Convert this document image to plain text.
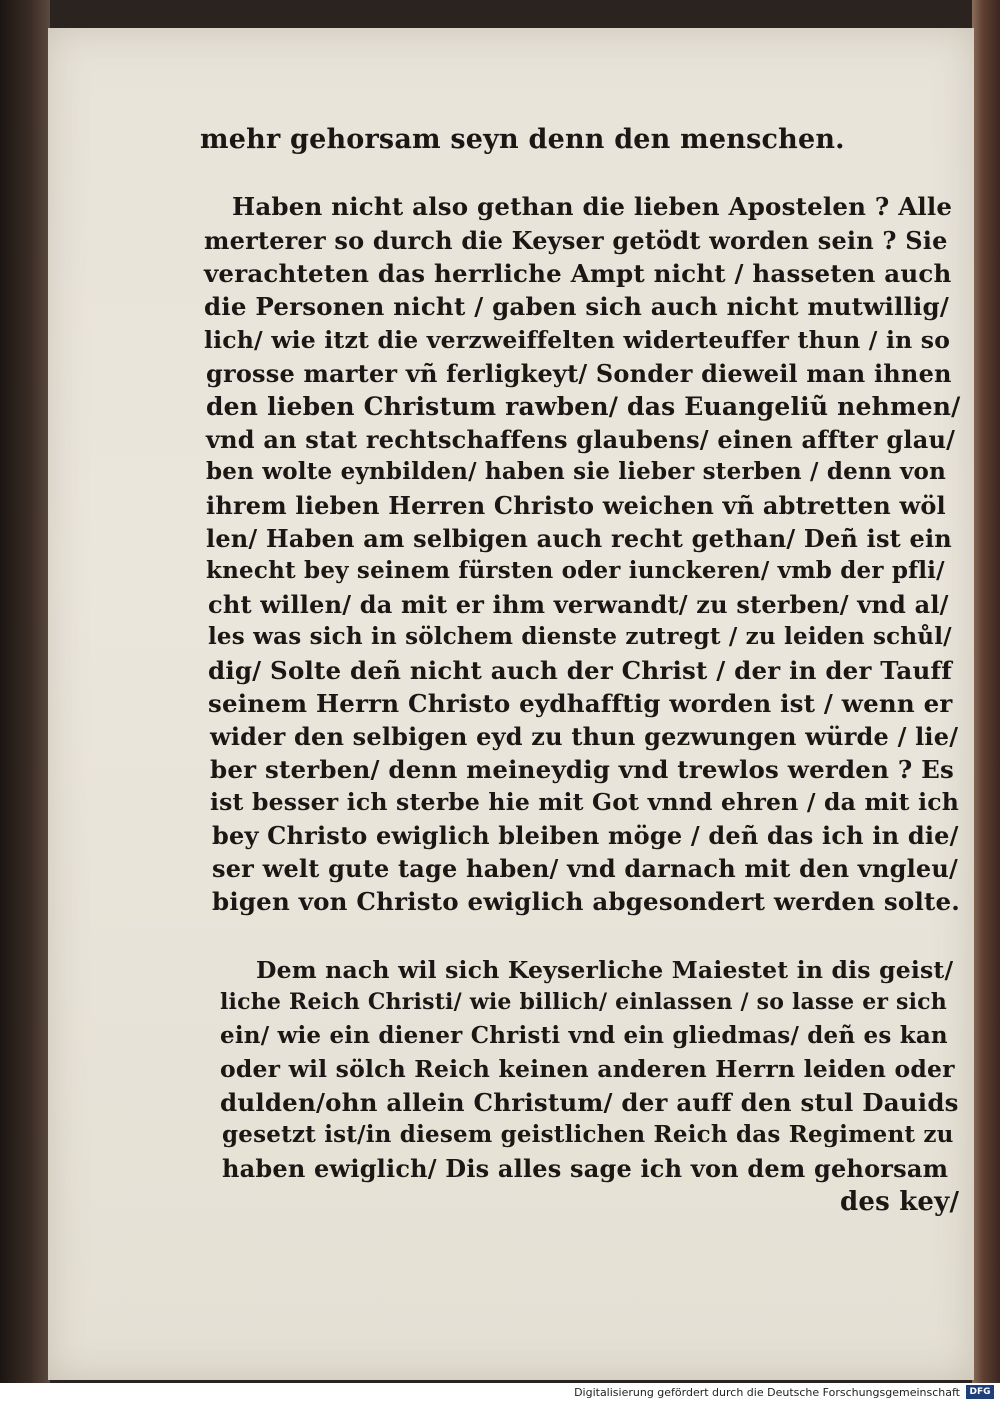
mehr gehorsam seyn denn den menschen.
Haben nicht also gethan die lieben Apostelen ? Alle
merterer so durch die Keyser getödt worden sein ? Sie
verachteten das herrliche Ampt nicht / hasseten auch
die Personen nicht / gaben sich auch nicht mutwillig/
lich/ wie itzt die verzweiffelten widerteuffer thun / in so
grosse marter vñ ferligkeyt/ Sonder dieweil man ihnen
den lieben Christum rawben/ das Euangeliũ nehmen/
vnd an stat rechtschaffens glaubens/ einen affter glau/
ben wolte eynbilden/ haben sie lieber sterben / denn von
ihrem lieben Herren Christo weichen vñ abtretten wöl
len/ Haben am selbigen auch recht gethan/ Deñ ist ein
knecht bey seinem fürsten oder iunckeren/ vmb der pfli/
cht willen/ da mit er ihm verwandt/ zu sterben/ vnd al/
les was sich in sölchem dienste zutregt / zu leiden schůl/
dig/ Solte deñ nicht auch der Christ / der in der Tauff
seinem Herrn Christo eydhafftig worden ist / wenn er
wider den selbigen eyd zu thun gezwungen würde / lie/
ber sterben/ denn meineydig vnd trewlos werden ? Es
ist besser ich sterbe hie mit Got vnnd ehren / da mit ich
bey Christo ewiglich bleiben möge / deñ das ich in die/
ser welt gute tage haben/ vnd darnach mit den vngleu/
bigen von Christo ewiglich abgesondert werden solte.
Dem nach wil sich Keyserliche Maiestet in dis geist/
liche Reich Christi/ wie billich/ einlassen / so lasse er sich
ein/ wie ein diener Christi vnd ein gliedmas/ deñ es kan
oder wil sölch Reich keinen anderen Herrn leiden oder
dulden/ohn allein Christum/ der auff den stul Dauids
gesetzt ist/in diesem geistlichen Reich das Regiment zu
haben ewiglich/ Dis alles sage ich von dem gehorsam
des key/
Digitalisierung gefördert durch die Deutsche Forschungsgemeinschaft	DFG
